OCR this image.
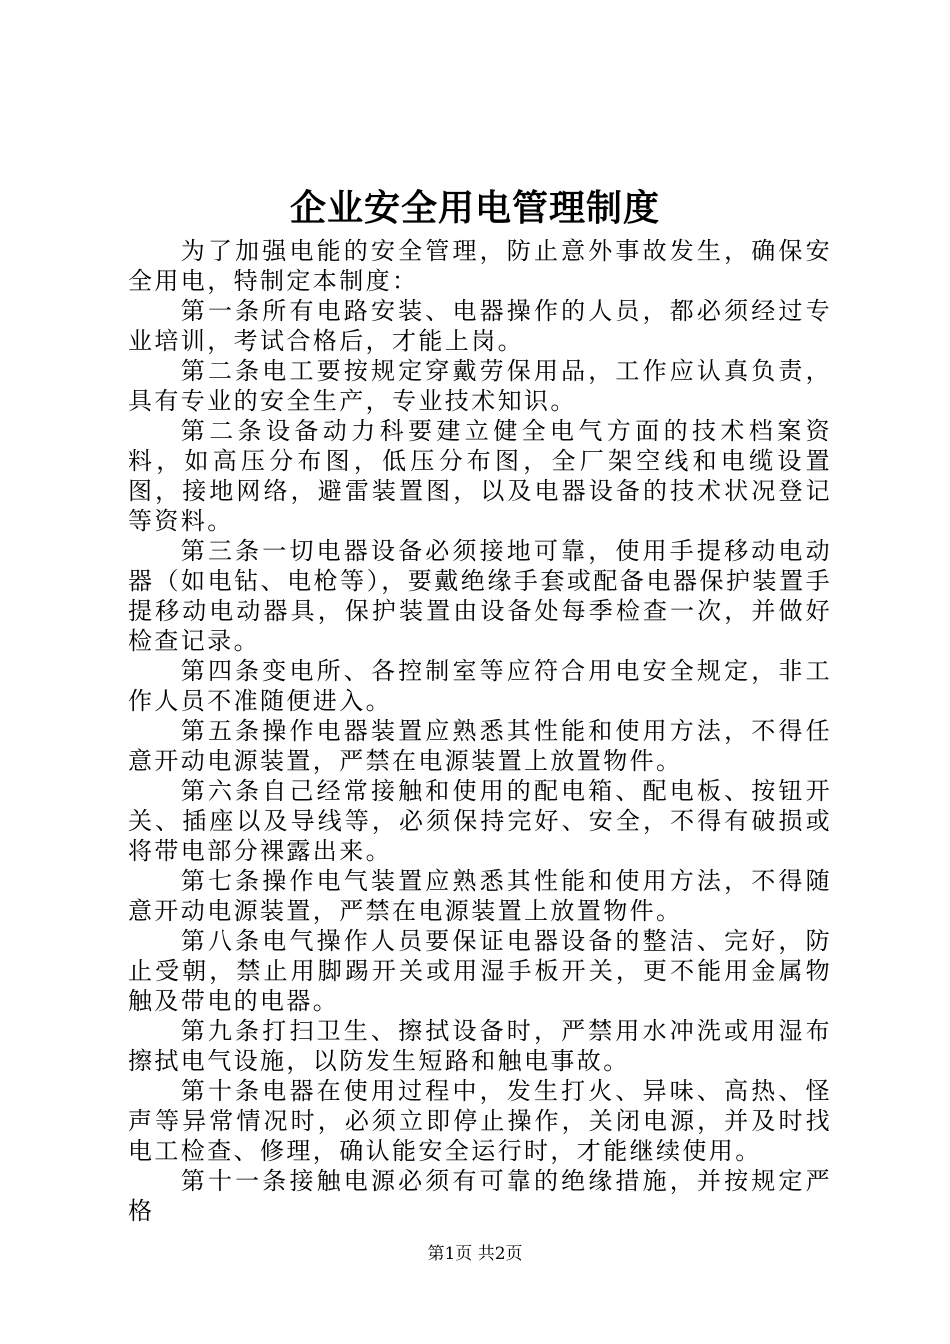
企业安全用电管理制度

为了加强电能的安全管理，防止意外事故发生，确保安全用电，特制定本制度：

第一条所有电路安装、电器操作的人员，都必须经过专业培训，考试合格后，才能上岗。

第二条电工要按规定穿戴劳保用品，工作应认真负责，具有专业的安全生产，专业技术知识。

第二条设备动力科要建立健全电气方面的技术档案资料，如高压分布图，低压分布图，全厂架空线和电缆设置图，接地网络，避雷装置图，以及电器设备的技术状况登记等资料。

第三条一切电器设备必须接地可靠，使用手提移动电动器（如电钻、电枪等），要戴绝缘手套或配备电器保护装置手提移动电动器具，保护装置由设备处每季检查一次，并做好检查记录。

第四条变电所、各控制室等应符合用电安全规定，非工作人员不准随便进入。

第五条操作电器装置应熟悉其性能和使用方法，不得任意开动电源装置，严禁在电源装置上放置物件。

第六条自己经常接触和使用的配电箱、配电板、按钮开关、插座以及导线等，必须保持完好、安全，不得有破损或将带电部分裸露出来。

第七条操作电气装置应熟悉其性能和使用方法，不得随意开动电源装置，严禁在电源装置上放置物件。

第八条电气操作人员要保证电器设备的整洁、完好，防止受朝，禁止用脚踢开关或用湿手板开关，更不能用金属物触及带电的电器。

第九条打扫卫生、擦拭设备时，严禁用水冲洗或用湿布擦拭电气设施，以防发生短路和触电事故。

第十条电器在使用过程中，发生打火、异味、高热、怪声等异常情况时，必须立即停止操作，关闭电源，并及时找电工检查、修理，确认能安全运行时，才能继续使用。

第十一条接触电源必须有可靠的绝缘措施，并按规定严格

第1页 共2页
